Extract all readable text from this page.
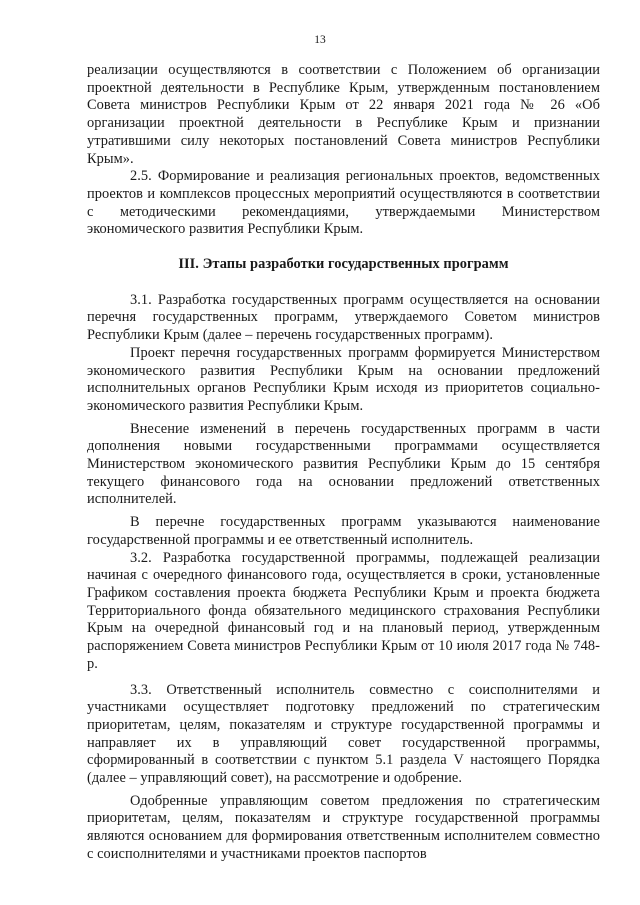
13

реализации осуществляются в соответствии с Положением об организации проектной деятельности в Республике Крым, утвержденным постановлением Совета министров Республики Крым от 22 января 2021 года № 26 «Об организации проектной деятельности в Республике Крым и признании утратившими силу некоторых постановлений Совета министров Республики Крым».

2.5. Формирование и реализация региональных проектов, ведомственных проектов и комплексов процессных мероприятий осуществляются в соответствии с методическими рекомендациями, утверждаемыми Министерством экономического развития Республики Крым.

III. Этапы разработки государственных программ

3.1. Разработка государственных программ осуществляется на основании перечня государственных программ, утверждаемого Советом министров Республики Крым (далее – перечень государственных программ).

Проект перечня государственных программ формируется Министерством экономического развития Республики Крым на основании предложений исполнительных органов Республики Крым исходя из приоритетов социально-экономического развития Республики Крым.

Внесение изменений в перечень государственных программ в части дополнения новыми государственными программами осуществляется Министерством экономического развития Республики Крым до 15 сентября текущего финансового года на основании предложений ответственных исполнителей.

В перечне государственных программ указываются наименование государственной программы и ее ответственный исполнитель.

3.2. Разработка государственной программы, подлежащей реализации начиная с очередного финансового года, осуществляется в сроки, установленные Графиком составления проекта бюджета Республики Крым и проекта бюджета Территориального фонда обязательного медицинского страхования Республики Крым на очередной финансовый год и на плановый период, утвержденным распоряжением Совета министров Республики Крым от 10 июля 2017 года № 748-р.

3.3. Ответственный исполнитель совместно с соисполнителями и участниками осуществляет подготовку предложений по стратегическим приоритетам, целям, показателям и структуре государственной программы и направляет их в управляющий совет государственной программы, сформированный в соответствии с пунктом 5.1 раздела V настоящего Порядка (далее – управляющий совет), на рассмотрение и одобрение.

Одобренные управляющим советом предложения по стратегическим приоритетам, целям, показателям и структуре государственной программы являются основанием для формирования ответственным исполнителем совместно с соисполнителями и участниками проектов паспортов
